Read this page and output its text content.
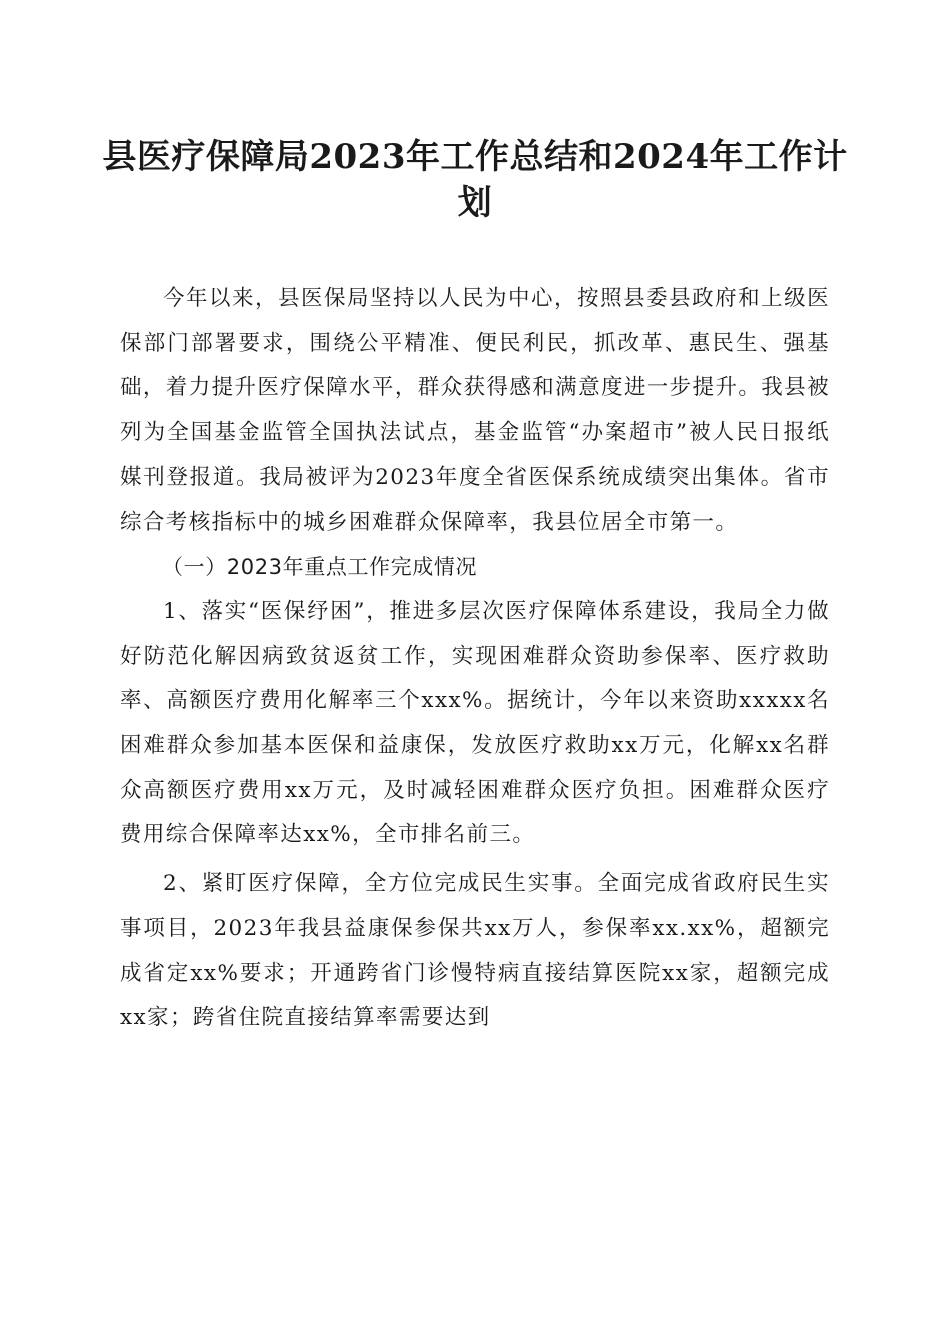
县医疗保障局2023年工作总结和2024年工作计划

今年以来，县医保局坚持以人民为中心，按照县委县政府和上级医保部门部署要求，围绕公平精准、便民利民，抓改革、惠民生、强基础，着力提升医疗保障水平，群众获得感和满意度进一步提升。我县被列为全国基金监管全国执法试点，基金监管“办案超市”被人民日报纸媒刊登报道。我局被评为2023年度全省医保系统成绩突出集体。省市综合考核指标中的城乡困难群众保障率，我县位居全市第一。

（一）2023年重点工作完成情况

1、落实“医保纾困”，推进多层次医疗保障体系建设，我局全力做好防范化解因病致贫返贫工作，实现困难群众资助参保率、医疗救助率、高额医疗费用化解率三个xxx%。据统计，今年以来资助xxxxx名困难群众参加基本医保和益康保，发放医疗救助xx万元，化解xx名群众高额医疗费用xx万元，及时减轻困难群众医疗负担。困难群众医疗费用综合保障率达xx%，全市排名前三。

2、紧盯医疗保障，全方位完成民生实事。全面完成省政府民生实事项目，2023年我县益康保参保共xx万人，参保率xx.xx%，超额完成省定xx%要求；开通跨省门诊慢特病直接结算医院xx家，超额完成xx家；跨省住院直接结算率需要达到
